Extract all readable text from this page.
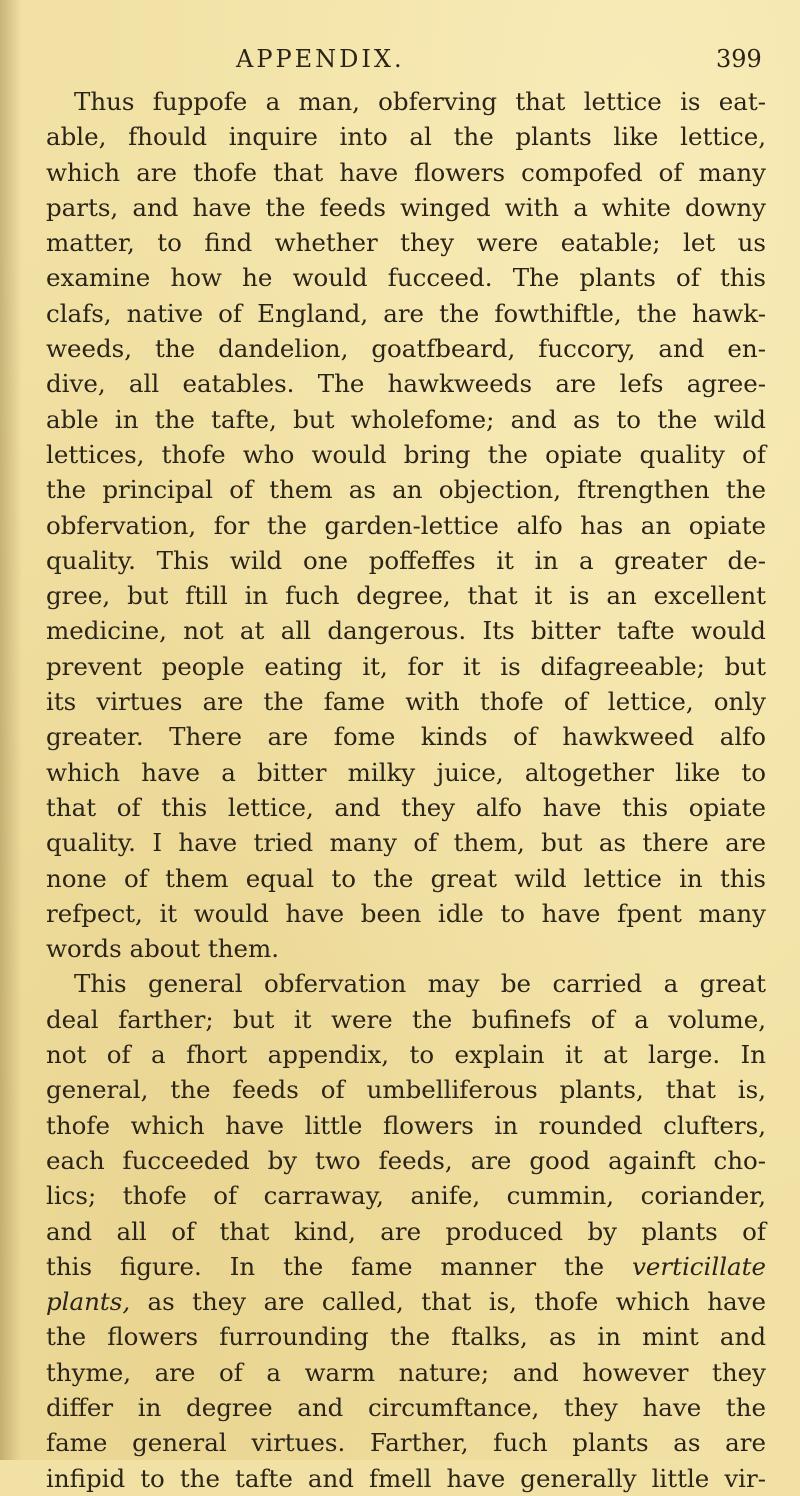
APPENDIX.	399
Thus fuppofe a man, obferving that lettice is eat-
able, fhould inquire into al the plants like lettice,
which are thofe that have flowers compofed of many
parts, and have the feeds winged with a white downy
matter, to find whether they were eatable; let us
examine how he would fucceed. The plants of this
clafs, native of England, are the fowthiftle, the hawk-
weeds, the dandelion, goatfbeard, fuccory, and en-
dive, all eatables. The hawkweeds are lefs agree-
able in the tafte, but wholefome; and as to the wild
lettices, thofe who would bring the opiate quality of
the principal of them as an objection, ftrengthen the
obfervation, for the garden-lettice alfo has an opiate
quality. This wild one poffeffes it in a greater de-
gree, but ftill in fuch degree, that it is an excellent
medicine, not at all dangerous. Its bitter tafte would
prevent people eating it, for it is difagreeable; but
its virtues are the fame with thofe of lettice, only
greater. There are fome kinds of hawkweed alfo
which have a bitter milky juice, altogether like to
that of this lettice, and they alfo have this opiate
quality. I have tried many of them, but as there are
none of them equal to the great wild lettice in this
refpect, it would have been idle to have fpent many
words about them.
This general obfervation may be carried a great
deal farther; but it were the bufinefs of a volume,
not of a fhort appendix, to explain it at large. In
general, the feeds of umbelliferous plants, that is,
thofe which have little flowers in rounded clufters,
each fucceeded by two feeds, are good againft cho-
lics; thofe of carraway, anife, cummin, coriander,
and all of that kind, are produced by plants of
this figure. In the fame manner the verticillate
plants, as they are called, that is, thofe which have
the flowers furrounding the ftalks, as in mint and
thyme, are of a warm nature; and however they
differ in degree and circumftance, they have the
fame general virtues. Farther, fuch plants as are
infipid to the tafte and fmell have generally little vir-
